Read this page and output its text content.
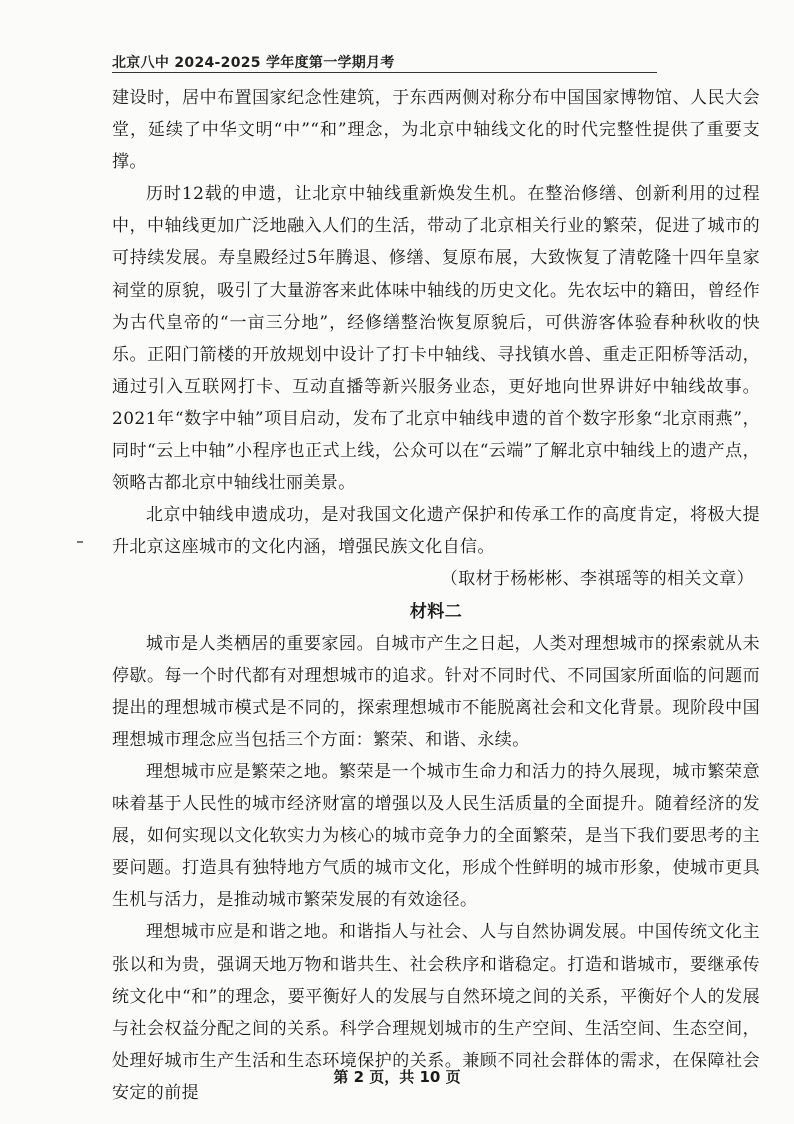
北京八中 2024-2025 学年度第一学期月考

建设时，居中布置国家纪念性建筑，于东西两侧对称分布中国国家博物馆、人民大会堂，延续了中华文明“中”“和”理念，为北京中轴线文化的时代完整性提供了重要支撑。

历时12载的申遗，让北京中轴线重新焕发生机。在整治修缮、创新利用的过程中，中轴线更加广泛地融入人们的生活，带动了北京相关行业的繁荣，促进了城市的可持续发展。寿皇殿经过5年腾退、修缮、复原布展，大致恢复了清乾隆十四年皇家祠堂的原貌，吸引了大量游客来此体味中轴线的历史文化。先农坛中的籍田，曾经作为古代皇帝的“一亩三分地”，经修缮整治恢复原貌后，可供游客体验春种秋收的快乐。正阳门箭楼的开放规划中设计了打卡中轴线、寻找镇水兽、重走正阳桥等活动，通过引入互联网打卡、互动直播等新兴服务业态，更好地向世界讲好中轴线故事。2021年“数字中轴”项目启动，发布了北京中轴线申遗的首个数字形象“北京雨燕”，同时“云上中轴”小程序也正式上线，公众可以在“云端”了解北京中轴线上的遗产点，领略古都北京中轴线壮丽美景。

北京中轴线申遗成功，是对我国文化遗产保护和传承工作的高度肯定，将极大提升北京这座城市的文化内涵，增强民族文化自信。

（取材于杨彬彬、李祺瑶等的相关文章）

材料二

城市是人类栖居的重要家园。自城市产生之日起，人类对理想城市的探索就从未停歇。每一个时代都有对理想城市的追求。针对不同时代、不同国家所面临的问题而提出的理想城市模式是不同的，探索理想城市不能脱离社会和文化背景。现阶段中国理想城市理念应当包括三个方面：繁荣、和谐、永续。

理想城市应是繁荣之地。繁荣是一个城市生命力和活力的持久展现，城市繁荣意味着基于人民性的城市经济财富的增强以及人民生活质量的全面提升。随着经济的发展，如何实现以文化软实力为核心的城市竞争力的全面繁荣，是当下我们要思考的主要问题。打造具有独特地方气质的城市文化，形成个性鲜明的城市形象，使城市更具生机与活力，是推动城市繁荣发展的有效途径。

理想城市应是和谐之地。和谐指人与社会、人与自然协调发展。中国传统文化主张以和为贵，强调天地万物和谐共生、社会秩序和谐稳定。打造和谐城市，要继承传统文化中“和”的理念，要平衡好人的发展与自然环境之间的关系，平衡好个人的发展与社会权益分配之间的关系。科学合理规划城市的生产空间、生活空间、生态空间，处理好城市生产生活和生态环境保护的关系。兼顾不同社会群体的需求，在保障社会安定的前提

第 2 页，共 10 页
